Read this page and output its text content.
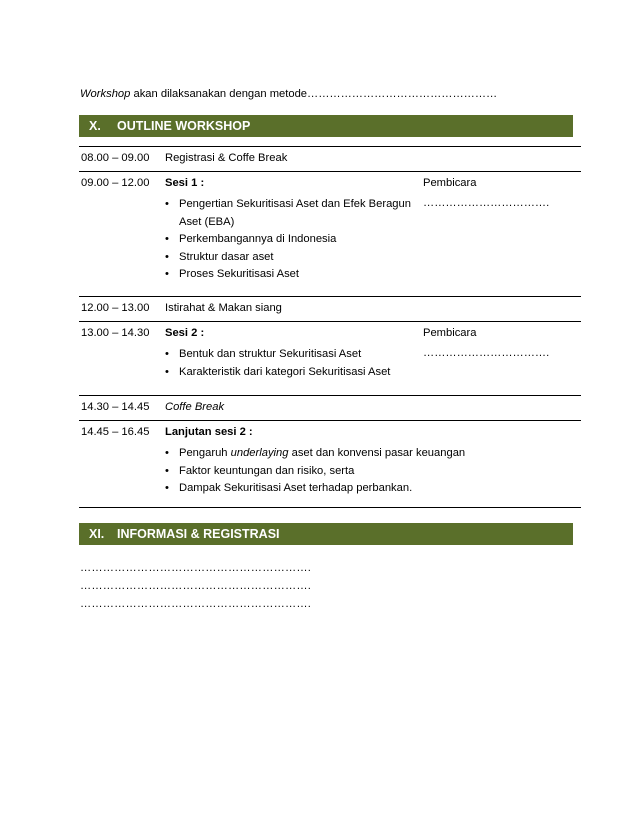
Workshop akan dilaksanakan dengan metode……………………………………………
X. OUTLINE WORKSHOP
08.00 – 09.00 Registrasi & Coffe Break
09.00 – 12.00 Sesi 1 :	Pembicara
…………………………….
• Pengertian Sekuritisasi Aset dan Efek Beragun
Aset (EBA)
• Perkembangannya di Indonesia
• Struktur dasar aset
• Proses Sekuritisasi Aset
12.00 – 13.00 Istirahat & Makan siang
13.00 – 14.30 Sesi 2 :	Pembicara
…………………………….
• Bentuk dan struktur Sekuritisasi Aset
• Karakteristik dari kategori Sekuritisasi Aset
14.30 – 14.45 Coffe Break
14.45 – 16.45 Lanjutan sesi 2 :
• Pengaruh underlaying aset dan konvensi pasar keuangan
• Faktor keuntungan dan risiko, serta
• Dampak Sekuritisasi Aset terhadap perbankan.
XI. INFORMASI & REGISTRASI
…………………………………………………….
…………………………………………………….
…………………………………………………….
